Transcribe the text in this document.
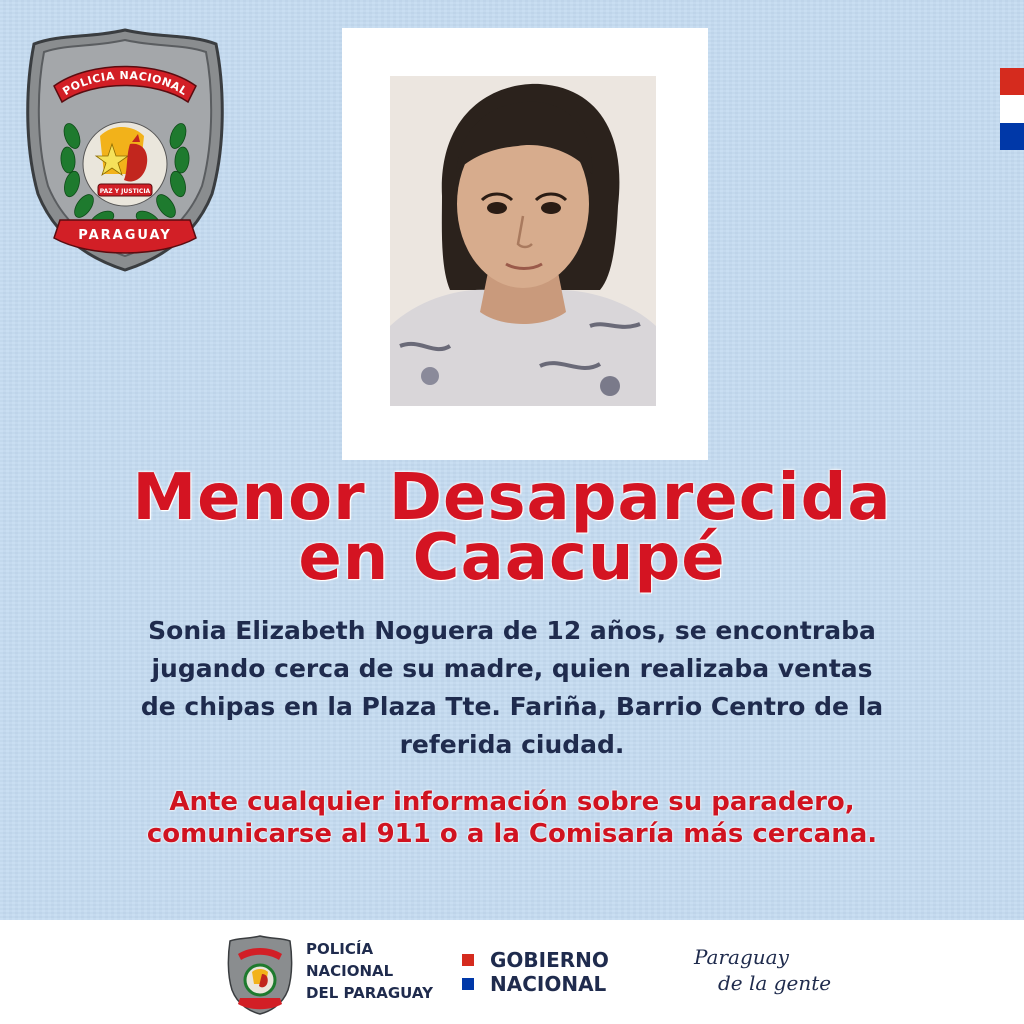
POLICIA NACIONAL
PAZ Y JUSTICIA
PARAGUAY
Menor Desaparecida
en Caacupé
Sonia Elizabeth Noguera de 12 años, se encontraba
jugando cerca de su madre, quien realizaba ventas
de chipas en la Plaza Tte. Fariña, Barrio Centro de la
referida ciudad.
Ante cualquier información sobre su paradero,
comunicarse al 911 o a la Comisaría más cercana.
POLICÍA
NACIONAL
DEL PARAGUAY
GOBIERNO
NACIONAL
Paraguay
de la gente
